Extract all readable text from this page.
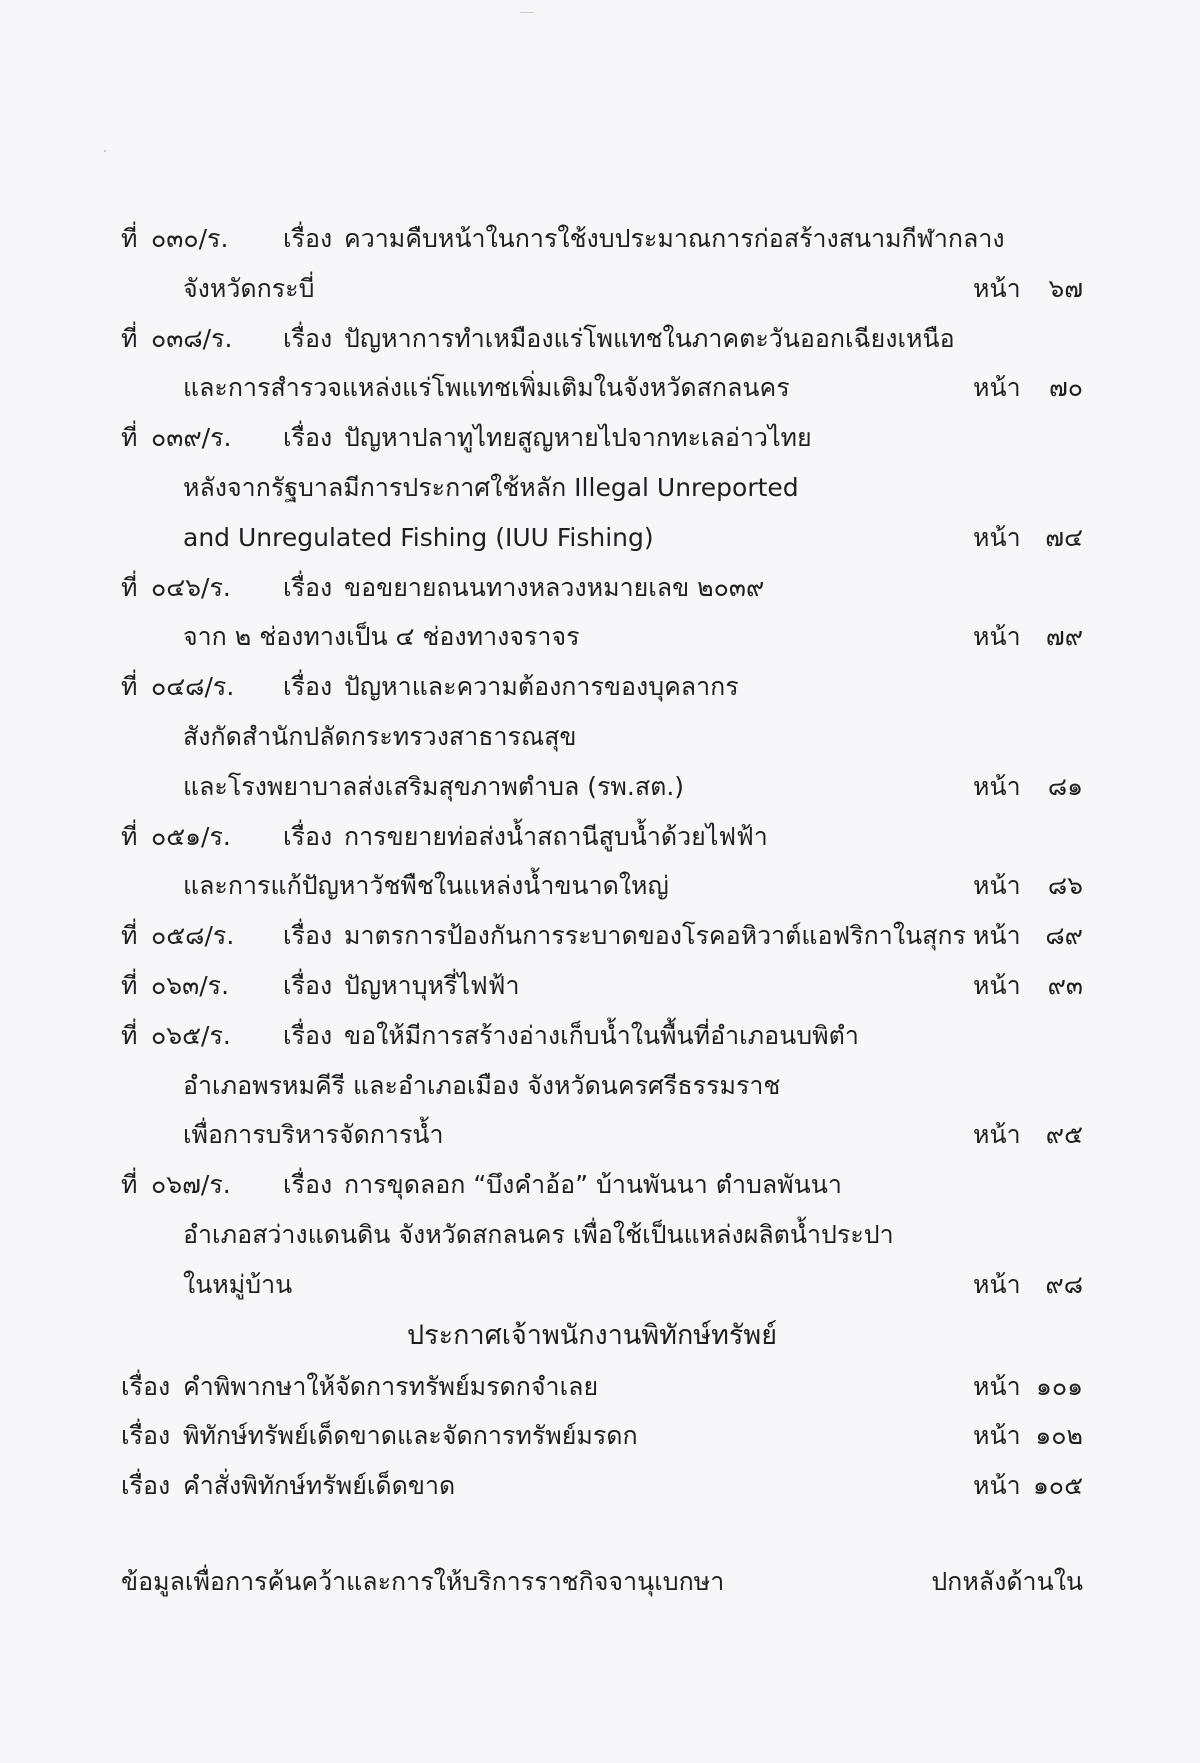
ที่ ๐๓๐/ร. เรื่อง ความคืบหน้าในการใช้งบประมาณการก่อสร้างสนามกีฬากลาง
จังหวัดกระบี่	หน้า ๖๗
ที่ ๐๓๘/ร. เรื่อง ปัญหาการทำเหมืองแร่โพแทชในภาคตะวันออกเฉียงเหนือ
และการสำรวจแหล่งแร่โพแทชเพิ่มเติมในจังหวัดสกลนคร	หน้า ๗๐
ที่ ๐๓๙/ร. เรื่อง ปัญหาปลาทูไทยสูญหายไปจากทะเลอ่าวไทย
หลังจากรัฐบาลมีการประกาศใช้หลัก Illegal Unreported
and Unregulated Fishing (IUU Fishing)	หน้า ๗๔
ที่ ๐๔๖/ร. เรื่อง ขอขยายถนนทางหลวงหมายเลข ๒๐๓๙
จาก ๒ ช่องทางเป็น ๔ ช่องทางจราจร	หน้า ๗๙
ที่ ๐๔๘/ร. เรื่อง ปัญหาและความต้องการของบุคลากร
สังกัดสำนักปลัดกระทรวงสาธารณสุข
และโรงพยาบาลส่งเสริมสุขภาพตำบล (รพ.สต.)	หน้า ๘๑
ที่ ๐๕๑/ร. เรื่อง การขยายท่อส่งน้ำสถานีสูบน้ำด้วยไฟฟ้า
และการแก้ปัญหาวัชพืชในแหล่งน้ำขนาดใหญ่	หน้า ๘๖
ที่ ๐๕๘/ร. เรื่อง มาตรการป้องกันการระบาดของโรคอหิวาต์แอฟริกาในสุกร หน้า ๘๙
ที่ ๐๖๓/ร. เรื่อง ปัญหาบุหรี่ไฟฟ้า	หน้า ๙๓
ที่ ๐๖๕/ร. เรื่อง ขอให้มีการสร้างอ่างเก็บน้ำในพื้นที่อำเภอนบพิตำ
อำเภอพรหมคีรี และอำเภอเมือง จังหวัดนครศรีธรรมราช
เพื่อการบริหารจัดการน้ำ	หน้า ๙๕
ที่ ๐๖๗/ร. เรื่อง การขุดลอก “บึงคำอ้อ” บ้านพันนา ตำบลพันนา
อำเภอสว่างแดนดิน จังหวัดสกลนคร เพื่อใช้เป็นแหล่งผลิตน้ำประปา
ในหมู่บ้าน	หน้า ๙๘
ประกาศเจ้าพนักงานพิทักษ์ทรัพย์
เรื่อง คำพิพากษาให้จัดการทรัพย์มรดกจำเลย	หน้า ๑๐๑
เรื่อง พิทักษ์ทรัพย์เด็ดขาดและจัดการทรัพย์มรดก	หน้า ๑๐๒
เรื่อง คำสั่งพิทักษ์ทรัพย์เด็ดขาด	หน้า ๑๐๕
ข้อมูลเพื่อการค้นคว้าและการให้บริการราชกิจจานุเบกษา	ปกหลังด้านใน
